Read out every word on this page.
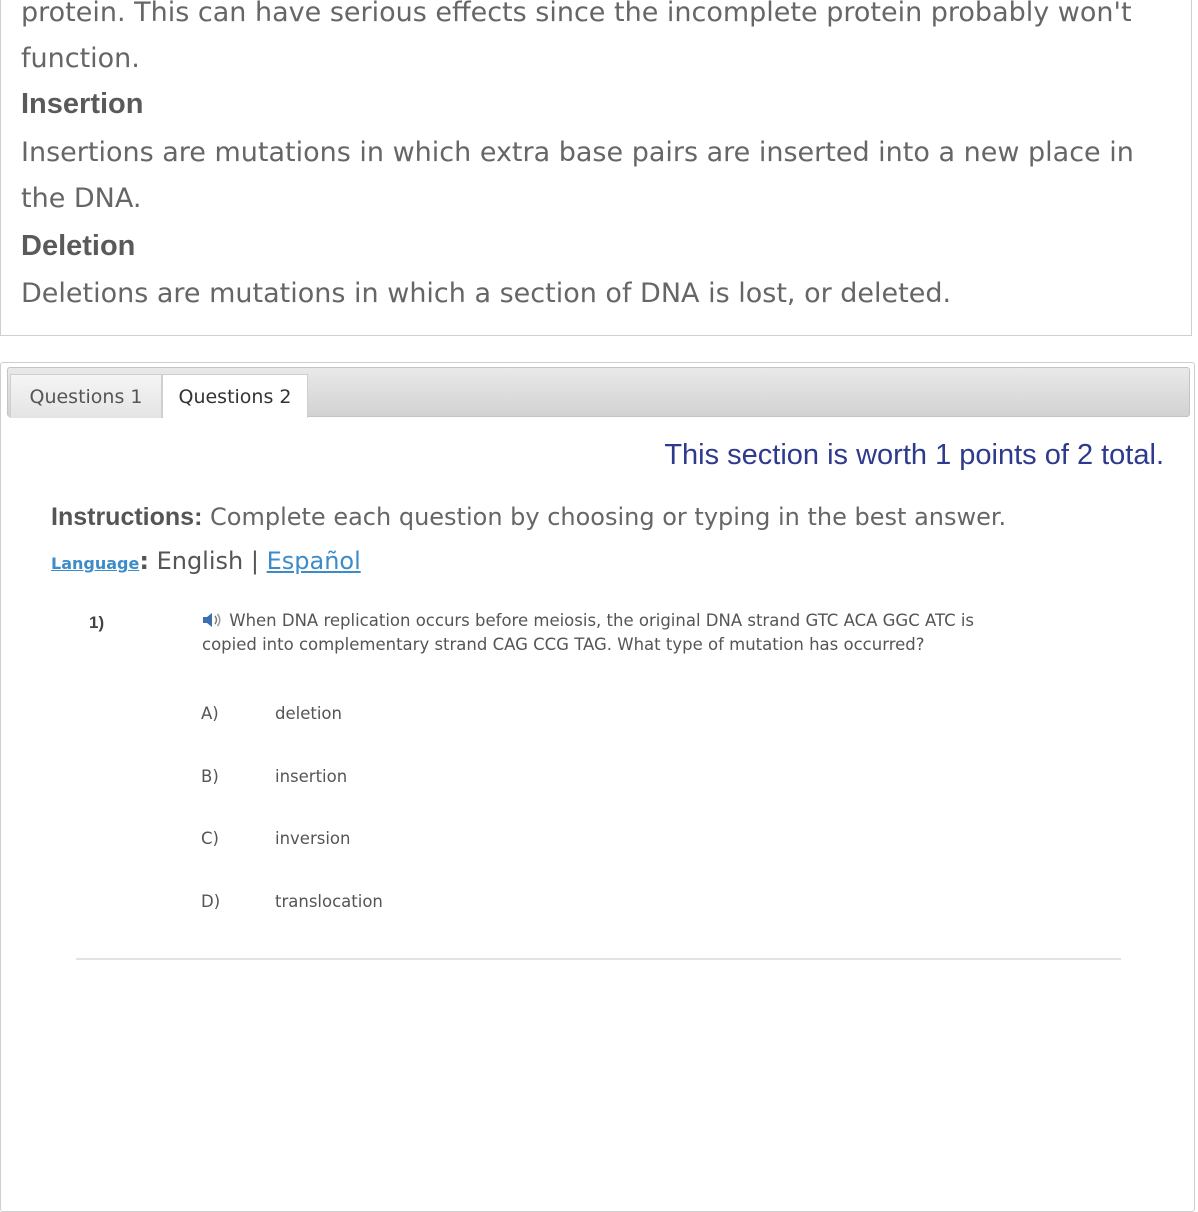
protein. This can have serious effects since the incomplete protein probably won't function.

Insertion

Insertions are mutations in which extra base pairs are inserted into a new place in the DNA.

Deletion

Deletions are mutations in which a section of DNA is lost, or deleted.

Questions 1	Questions 2
This section is worth 1 points of 2 total.
Instructions: Complete each question by choosing or typing in the best answer.
Language: English | Español
1)	When DNA replication occurs before meiosis, the original DNA strand GTC ACA GGC ATC is copied into complementary strand CAG CCG TAG. What type of mutation has occurred?
A)	deletion
B)	insertion
C)	inversion
D)	translocation
